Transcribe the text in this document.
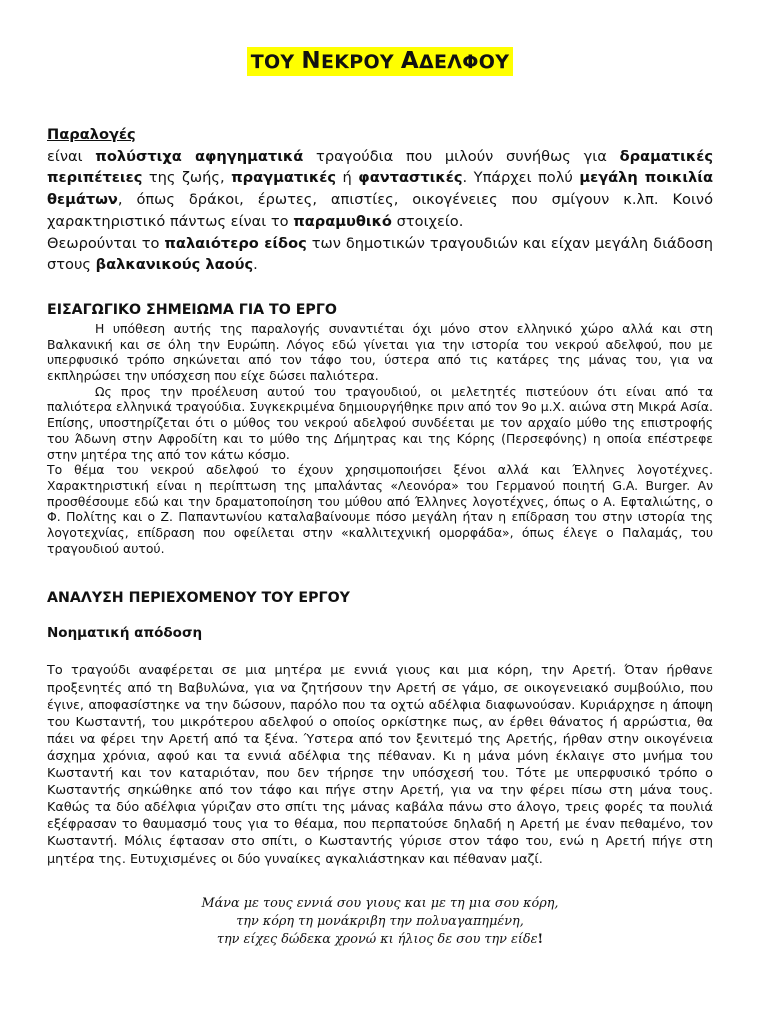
ΤΟΥ ΝΕΚΡΟΥ ΑΔΕΛΦΟΥ
Παραλογές
είναι πολύστιχα αφηγηματικά τραγούδια που μιλούν συνήθως για δραματικές περιπέτειες της ζωής, πραγματικές ή φανταστικές. Υπάρχει πολύ μεγάλη ποικιλία θεμάτων, όπως δράκοι, έρωτες, απιστίες, οικογένειες που σμίγουν κ.λπ. Κοινό χαρακτηριστικό πάντως είναι το παραμυθικό στοιχείο.
Θεωρούνται το παλαιότερο είδος των δημοτικών τραγουδιών και είχαν μεγάλη διάδοση στους βαλκανικούς λαούς.
ΕΙΣΑΓΩΓΙΚΟ ΣΗΜΕΙΩΜΑ ΓΙΑ ΤΟ ΕΡΓΟ

Η υπόθεση αυτής της παραλογής συναντιέται όχι μόνο στον ελληνικό χώρο αλλά και στη Βαλκανική και σε όλη την Ευρώπη. Λόγος εδώ γίνεται για την ιστορία του νεκρού αδελφού, που με υπερφυσικό τρόπο σηκώνεται από τον τάφο του, ύστερα από τις κατάρες της μάνας του, για να εκπληρώσει την υπόσχεση που είχε δώσει παλιότερα.

Ως προς την προέλευση αυτού του τραγουδιού, οι μελετητές πιστεύουν ότι είναι από τα παλιότερα ελληνικά τραγούδια. Συγκεκριμένα δημιουργήθηκε πριν από τον 9ο μ.Χ. αιώνα στη Μικρά Ασία. Επίσης, υποστηρίζεται ότι ο μύθος του νεκρού αδελφού συνδέεται με τον αρχαίο μύθο της επιστροφής του Άδωνη στην Αφροδίτη και το μύθο της Δήμητρας και της Κόρης (Περσεφόνης) η οποία επέστρεφε στην μητέρα της από τον κάτω κόσμο.

Το θέμα του νεκρού αδελφού το έχουν χρησιμοποιήσει ξένοι αλλά και Έλληνες λογοτέχνες. Χαρακτηριστική είναι η περίπτωση της μπαλάντας «Λεονόρα» του Γερμανού ποιητή G.A. Burger. Αν προσθέσουμε εδώ και την δραματοποίηση του μύθου από Έλληνες λογοτέχνες, όπως ο Α. Εφταλιώτης, ο Φ. Πολίτης και ο Ζ. Παπαντωνίου καταλαβαίνουμε πόσο μεγάλη ήταν η επίδραση του στην ιστορία της λογοτεχνίας, επίδραση που οφείλεται στην «καλλιτεχνική ομορφάδα», όπως έλεγε ο Παλαμάς, του τραγουδιού αυτού.

ΑΝΑΛΥΣΗ ΠΕΡΙΕΧΟΜΕΝΟΥ ΤΟΥ ΕΡΓΟΥ
Νοηματική απόδοση
Το τραγούδι αναφέρεται σε μια μητέρα με εννιά γιους και μια κόρη, την Αρετή. Όταν ήρθανε προξενητές από τη Βαβυλώνα, για να ζητήσουν την Αρετή σε γάμο, σε οικογενειακό συμβούλιο, που έγινε, αποφασίστηκε να την δώσουν, παρόλο που τα οχτώ αδέλφια διαφωνούσαν. Κυριάρχησε η άποψη του Κωσταντή, του μικρότερου αδελφού ο οποίος ορκίστηκε πως, αν έρθει θάνατος ή αρρώστια, θα πάει να φέρει την Αρετή από τα ξένα. Ύστερα από τον ξενιτεμό της Αρετής, ήρθαν στην οικογένεια άσχημα χρόνια, αφού και τα εννιά αδέλφια της πέθαναν. Κι η μάνα μόνη έκλαιγε στο μνήμα του Κωσταντή και τον καταριόταν, που δεν τήρησε την υπόσχεσή του. Τότε με υπερφυσικό τρόπο ο Κωσταντής σηκώθηκε από τον τάφο και πήγε στην Αρετή, για να την φέρει πίσω στη μάνα τους. Καθώς τα δύο αδέλφια γύριζαν στο σπίτι της μάνας καβάλα πάνω στο άλογο, τρεις φορές τα πουλιά εξέφρασαν το θαυμασμό τους για το θέαμα, που περπατούσε δηλαδή η Αρετή με έναν πεθαμένο, τον Κωσταντή. Μόλις έφτασαν στο σπίτι, ο Κωσταντής γύρισε στον τάφο του, ενώ η Αρετή πήγε στη μητέρα της. Ευτυχισμένες οι δύο γυναίκες αγκαλιάστηκαν και πέθαναν μαζί.
Μάνα με τους εννιά σου γιους και με τη μια σου κόρη,
την κόρη τη μονάκριβη την πολυαγαπημένη,
την είχες δώδεκα χρονώ κι ήλιος δε σου την είδε!
